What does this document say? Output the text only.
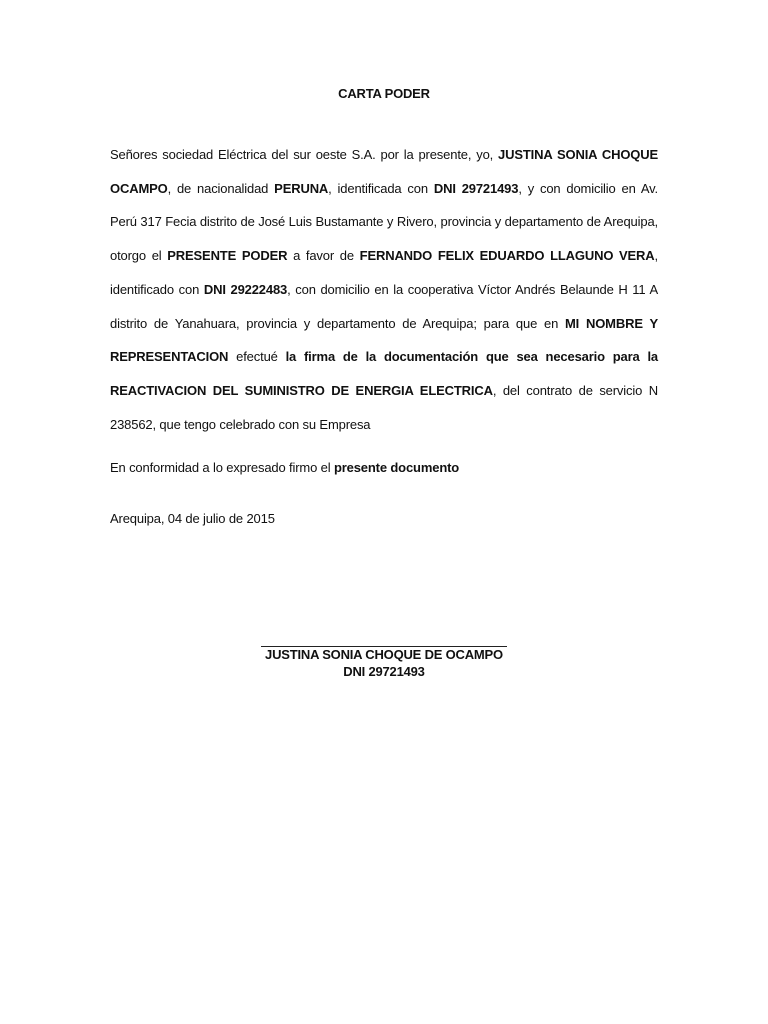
CARTA PODER

Señores sociedad Eléctrica del sur oeste S.A. por la presente, yo, JUSTINA SONIA CHOQUE OCAMPO, de nacionalidad PERUNA, identificada con DNI 29721493, y con domicilio en Av. Perú 317 Fecia distrito de José Luis Bustamante y Rivero, provincia y departamento de Arequipa, otorgo el PRESENTE PODER a favor de FERNANDO FELIX EDUARDO LLAGUNO VERA, identificado con DNI 29222483, con domicilio en la cooperativa Víctor Andrés Belaunde H 11 A distrito de Yanahuara, provincia y departamento de Arequipa; para que en MI NOMBRE Y REPRESENTACION efectué la firma de la documentación que sea necesario para la REACTIVACION DEL SUMINISTRO DE ENERGIA ELECTRICA, del contrato de servicio N 238562, que tengo celebrado con su Empresa

En conformidad a lo expresado firmo el presente documento

Arequipa, 04 de julio de 2015

JUSTINA SONIA CHOQUE DE OCAMPO
DNI 29721493
